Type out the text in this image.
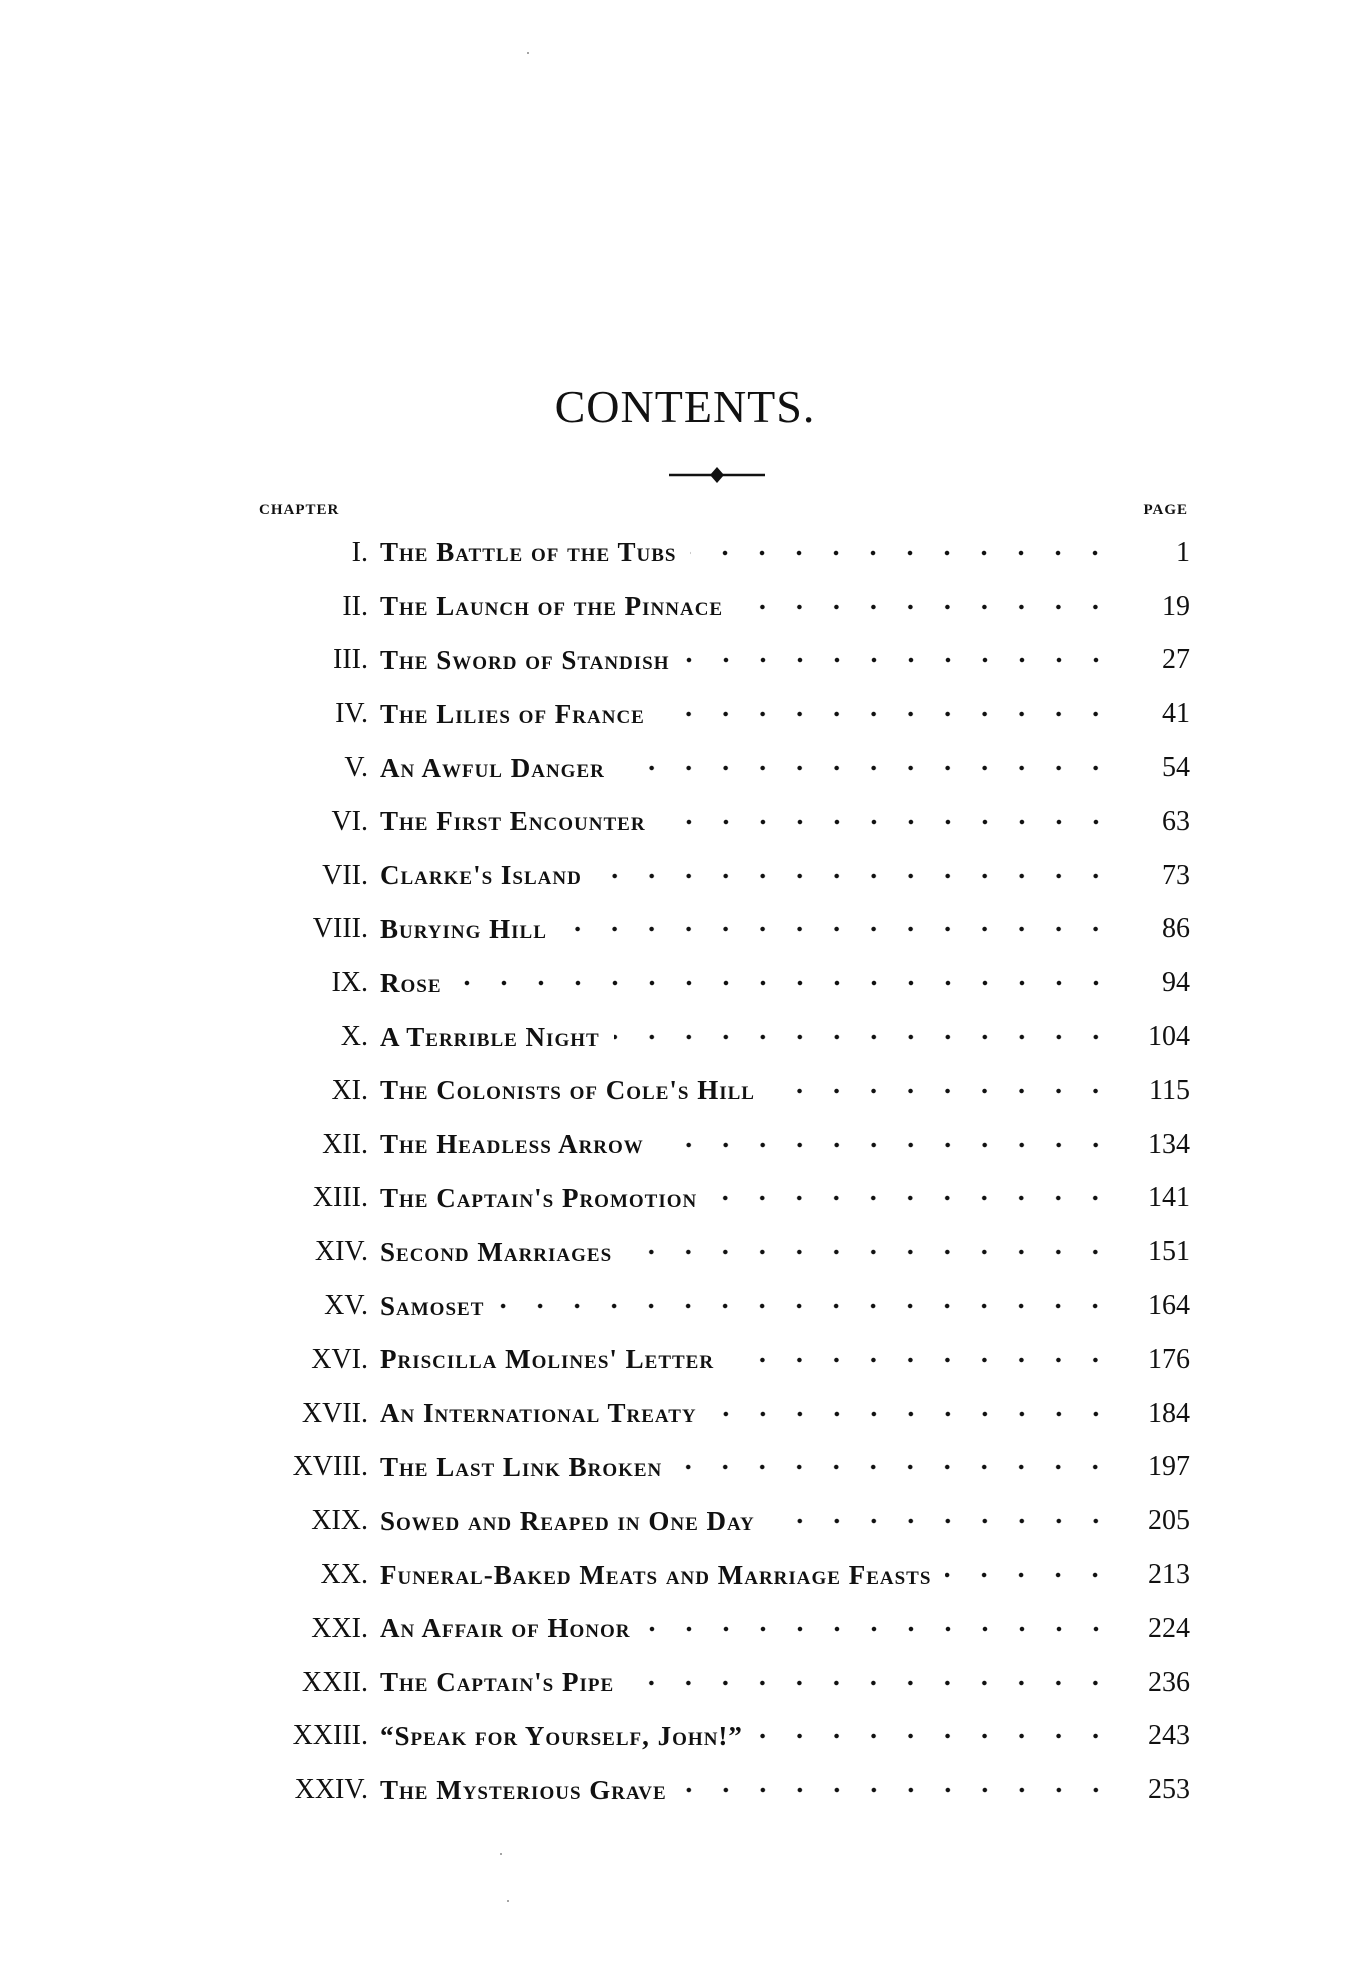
CONTENTS.
CHAPTER	PAGE
I. The Battle of the Tubs	1
II. The Launch of the Pinnace	19
III. The Sword of Standish	27
IV. The Lilies of France	41
V. An Awful Danger	54
VI. The First Encounter	63
VII. Clarke's Island	73
VIII. Burying Hill	86
IX. Rose	94
X. A Terrible Night	104
XI. The Colonists of Cole's Hill	115
XII. The Headless Arrow	134
XIII. The Captain's Promotion	141
XIV. Second Marriages	151
XV. Samoset	164
XVI. Priscilla Molines' Letter	176
XVII. An International Treaty	184
XVIII. The Last Link Broken	197
XIX. Sowed and Reaped in One Day	205
XX. Funeral-Baked Meats and Marriage Feasts	213
XXI. An Affair of Honor	224
XXII. The Captain's Pipe	236
XXIII. “Speak for Yourself, John!”	243
XXIV. The Mysterious Grave	253
